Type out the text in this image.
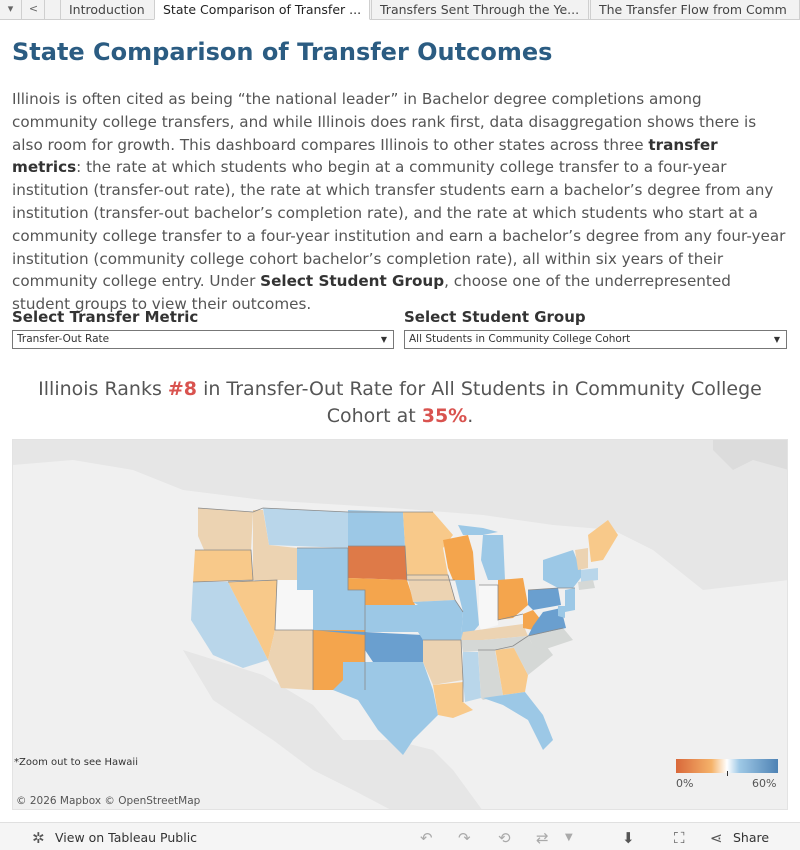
▾	<	Introduction	State Comparison of Transfer ...	Transfers Sent Through the Ye...	The Transfer Flow from Comm
State Comparison of Transfer Outcomes
Illinois is often cited as being “the national leader” in Bachelor degree completions among community college transfers, and while Illinois does rank first, data disaggregation shows there is also room for growth. This dashboard compares Illinois to other states across three transfer metrics: the rate at which students who begin at a community college transfer to a four-year institution (transfer-out rate), the rate at which transfer students earn a bachelor’s degree from any institution (transfer-out bachelor’s completion rate), and the rate at which students who start at a community college transfer to a four-year institution and earn a bachelor’s degree from any four-year institution (community college cohort bachelor’s completion rate), all within six years of their community college entry. Under Select Student Group, choose one of the underrepresented student groups to view their outcomes.
Select Transfer Metric
Transfer-Out Rate	▼
Select Student Group
All Students in Community College Cohort	▼
Illinois Ranks #8 in Transfer-Out Rate for All Students in Community College Cohort at 35%.
*Zoom out to see Hawaii
© 2026 Mapbox © OpenStreetMap
0%	60%
✲ View on Tableau Public	↶ ↷ ⟲ ⇄ ▼	⬇	⛶ ⋖ Share
